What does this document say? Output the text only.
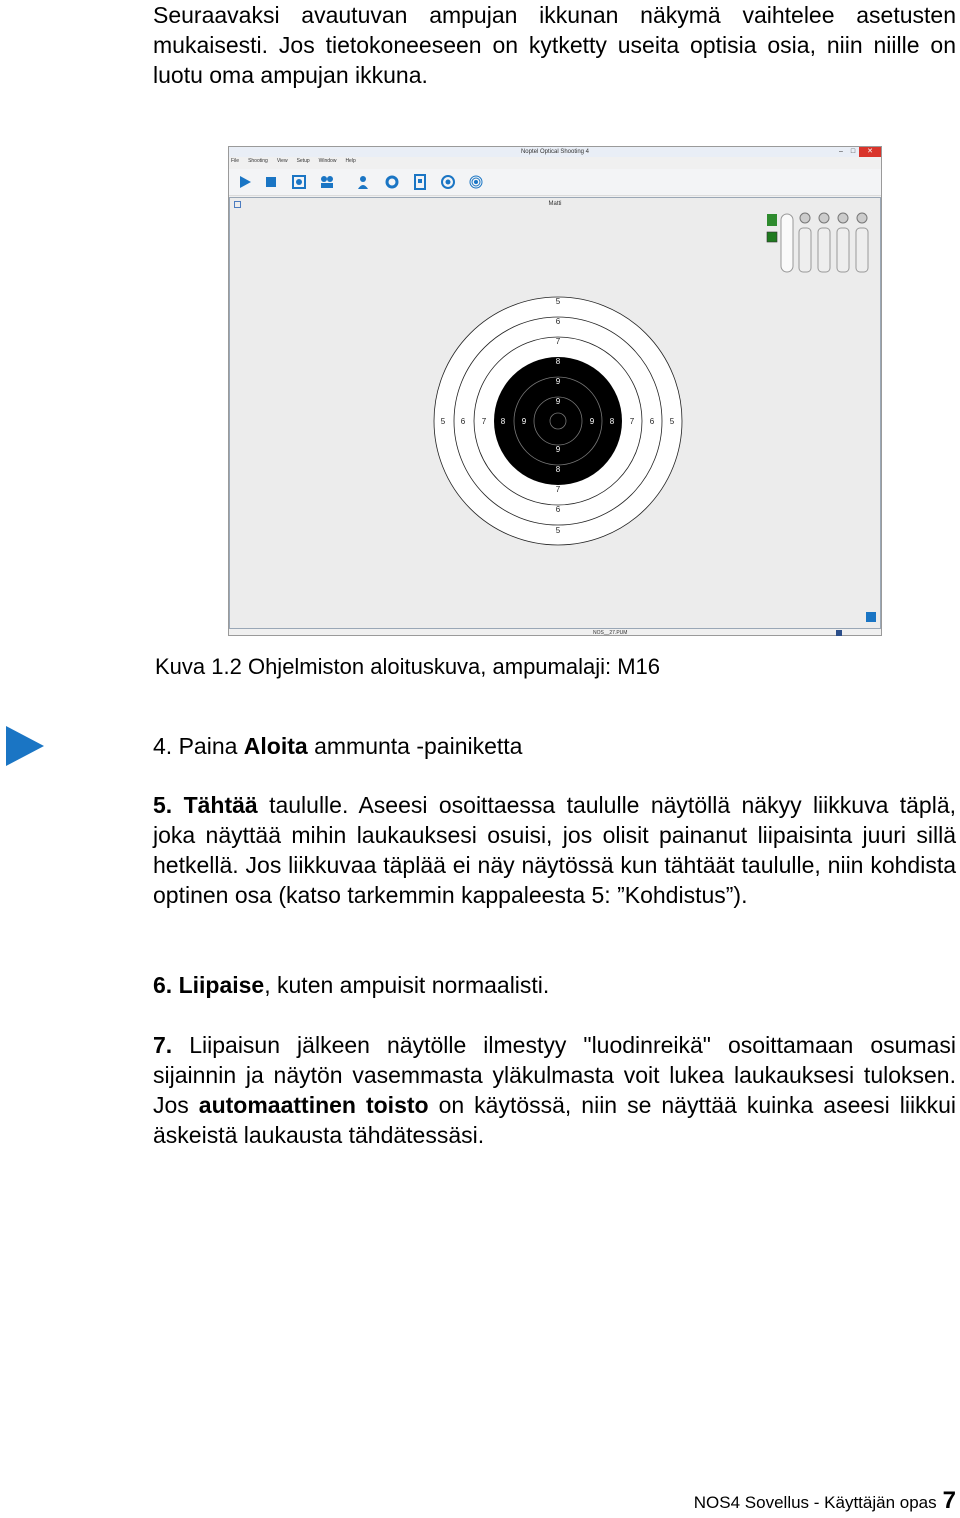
Seuraavaksi avautuvan ampujan ikkunan näkymä vaihtelee asetusten mukaisesti. Jos tietokoneeseen on kytketty useita optisia osia, niin niille on luotu oma ampujan ikkuna.
Noptel Optical Shooting 4	–	□	✕
File Shooting View Setup Window Help
Matti
5
6
7
8
9
9
9
8
7
6
5
5 6 7 8 9	9 8 7 6 5
NOS__27.PUM
Kuva 1.2 Ohjelmiston aloituskuva, ampumalaji: M16
4. Paina Aloita ammunta -painiketta
5. Tähtää taululle. Aseesi osoittaessa taululle näytöllä näkyy liikkuva täplä, joka näyttää mihin laukauksesi osuisi, jos olisit painanut liipaisinta juuri sillä hetkellä. Jos liikkuvaa täplää ei näy näytössä kun tähtäät taululle, niin kohdista optinen osa (katso tarkemmin kappaleesta 5: ”Kohdistus”).
6. Liipaise, kuten ampuisit normaalisti.
7. Liipaisun jälkeen näytölle ilmestyy "luodinreikä" osoittamaan osumasi sijainnin ja näytön vasemmasta yläkulmasta voit lukea laukauksesi tuloksen. Jos automaattinen toisto on käytössä, niin se näyttää kuinka aseesi liikkui äskeistä laukausta tähdätessäsi.
NOS4 Sovellus - Käyttäjän opas 7
